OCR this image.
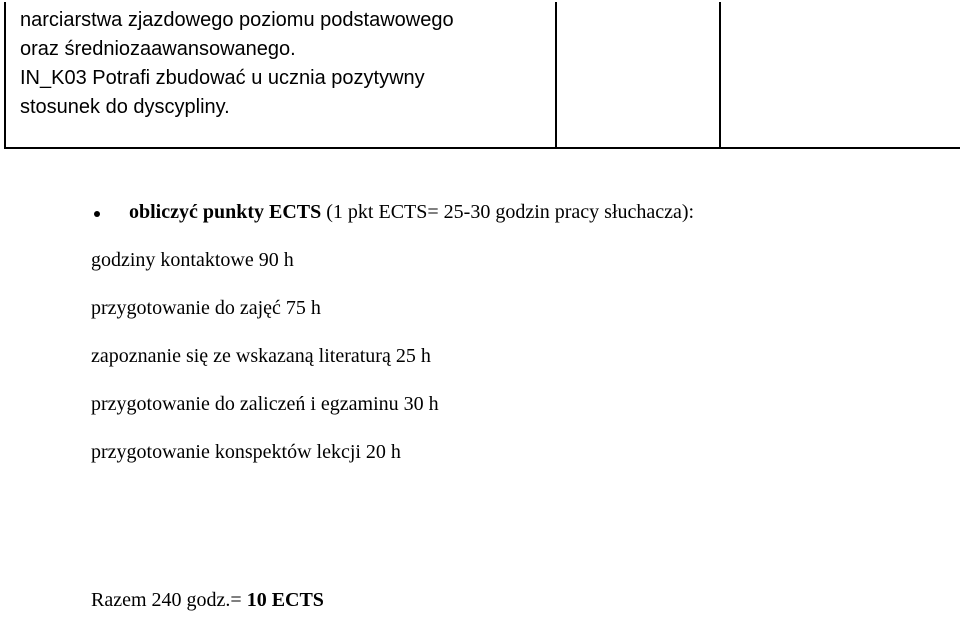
narciarstwa zjazdowego poziomu podstawowego
oraz średniozaawansowanego.
IN_K03 Potrafi zbudować u ucznia pozytywny
stosunek do dyscypliny.

obliczyć punkty ECTS (1 pkt ECTS= 25-30 godzin pracy słuchacza):
godziny kontaktowe 90 h
przygotowanie do zajęć 75 h
zapoznanie się ze wskazaną literaturą 25 h
przygotowanie do zaliczeń i egzaminu 30 h
przygotowanie konspektów lekcji 20 h
Razem 240 godz.= 10 ECTS
